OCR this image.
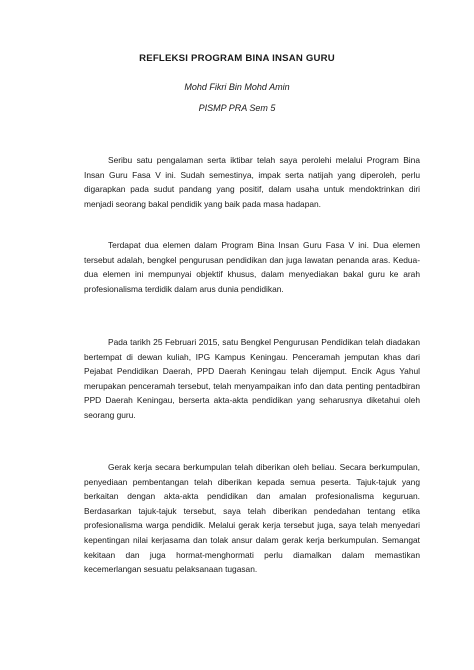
REFLEKSI PROGRAM BINA INSAN GURU
Mohd Fikri Bin Mohd Amin
PISMP PRA Sem 5

Seribu satu pengalaman serta iktibar telah saya perolehi melalui Program Bina Insan Guru Fasa V ini. Sudah semestinya, impak serta natijah yang diperoleh, perlu digarapkan pada sudut pandang yang positif, dalam usaha untuk mendoktrinkan diri menjadi seorang bakal pendidik yang baik pada masa hadapan.

Terdapat dua elemen dalam Program Bina Insan Guru Fasa V ini. Dua elemen tersebut adalah, bengkel pengurusan pendidikan dan juga lawatan penanda aras. Kedua-dua elemen ini mempunyai objektif khusus, dalam menyediakan bakal guru ke arah profesionalisma terdidik dalam arus dunia pendidikan.

Pada tarikh 25 Februari 2015, satu Bengkel Pengurusan Pendidikan telah diadakan bertempat di dewan kuliah, IPG Kampus Keningau. Penceramah jemputan khas dari Pejabat Pendidikan Daerah, PPD Daerah Keningau telah dijemput. Encik Agus Yahul merupakan penceramah tersebut, telah menyampaikan info dan data penting pentadbiran PPD Daerah Keningau, berserta akta-akta pendidikan yang seharusnya diketahui oleh seorang guru.

Gerak kerja secara berkumpulan telah diberikan oleh beliau. Secara berkumpulan, penyediaan pembentangan telah diberikan kepada semua peserta. Tajuk-tajuk yang berkaitan dengan akta-akta pendidikan dan amalan profesionalisma keguruan. Berdasarkan tajuk-tajuk tersebut, saya telah diberikan pendedahan tentang etika profesionalisma warga pendidik. Melalui gerak kerja tersebut juga, saya telah menyedari kepentingan nilai kerjasama dan tolak ansur dalam gerak kerja berkumpulan. Semangat kekitaan dan juga hormat-menghormati perlu diamalkan dalam memastikan kecemerlangan sesuatu pelaksanaan tugasan.
